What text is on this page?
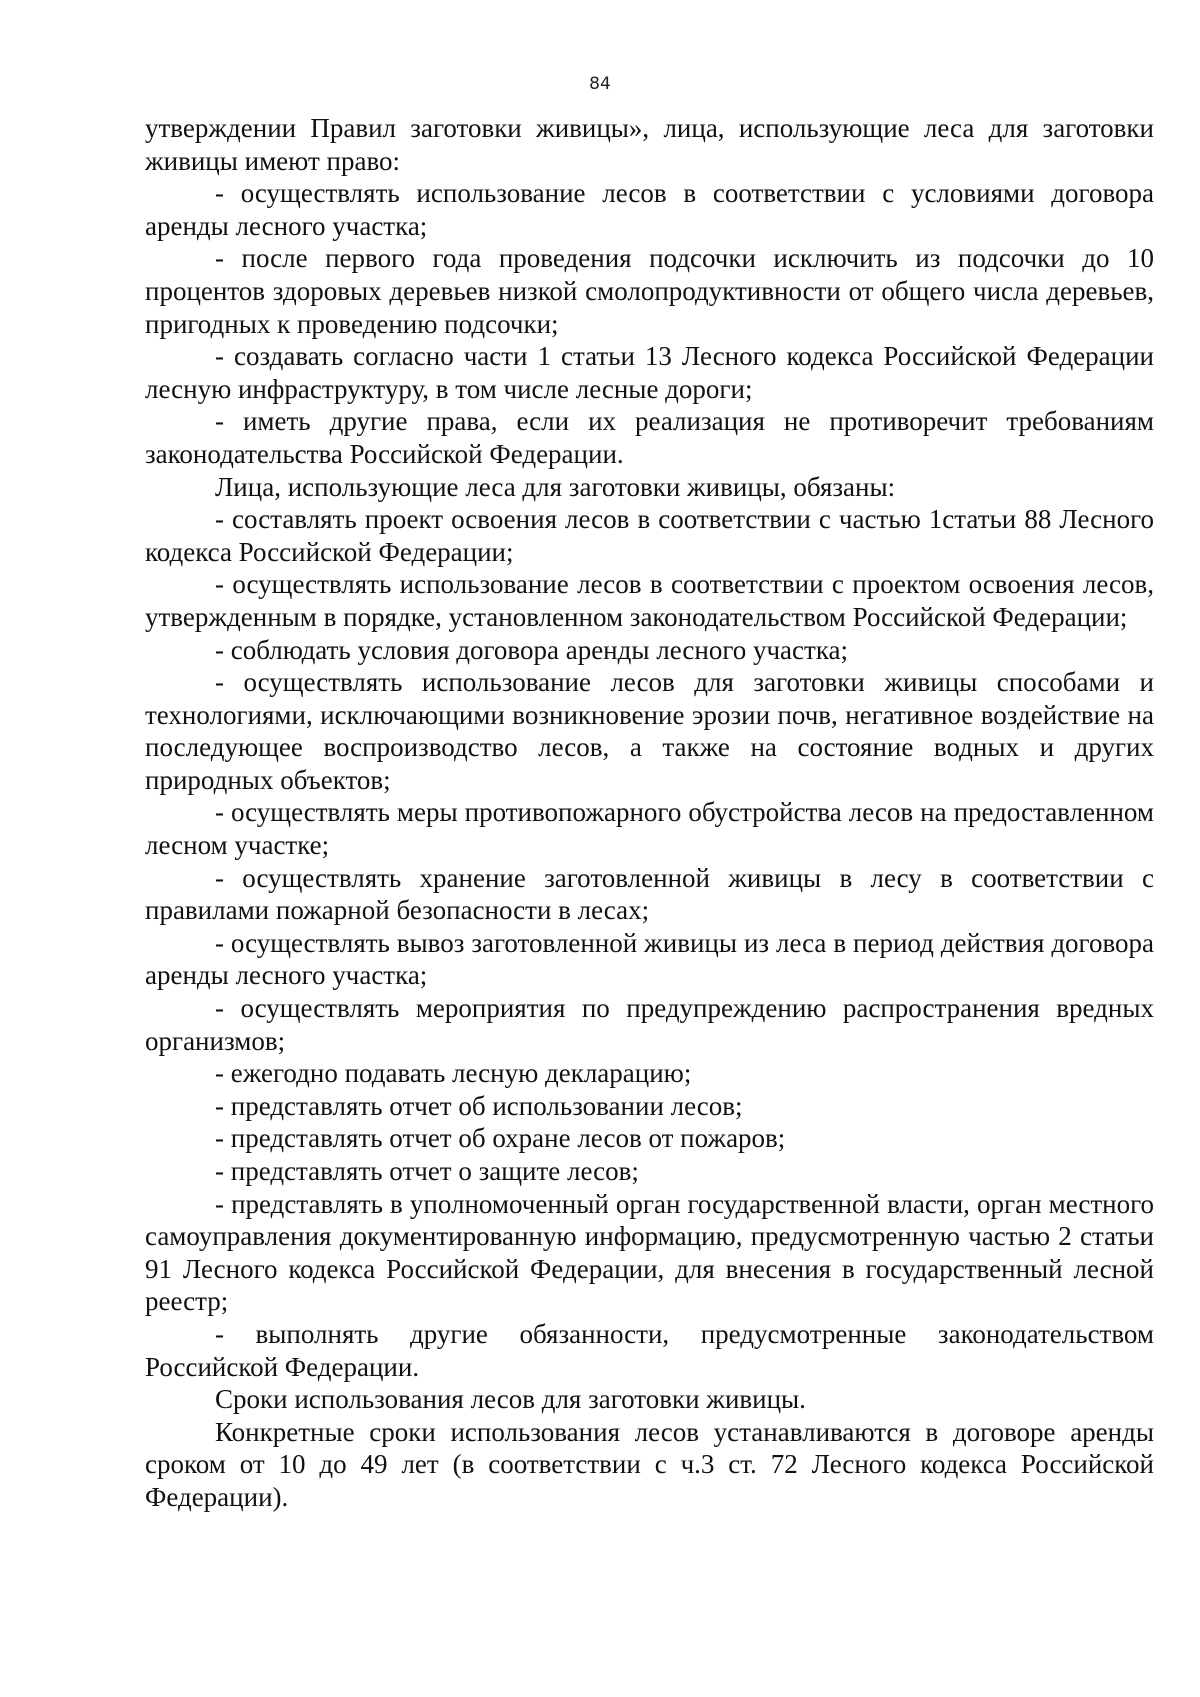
84

утверждении Правил заготовки живицы», лица, использующие леса для заготовки живицы имеют право:

- осуществлять использование лесов в соответствии с условиями договора аренды лесного участка;

- после первого года проведения подсочки исключить из подсочки до 10 процентов здоровых деревьев низкой смолопродуктивности от общего числа деревьев, пригодных к проведению подсочки;

- создавать согласно части 1 статьи 13 Лесного кодекса Российской Федерации лесную инфраструктуру, в том числе лесные дороги;

- иметь другие права, если их реализация не противоречит требованиям законодательства Российской Федерации.

Лица, использующие леса для заготовки живицы, обязаны:

- составлять проект освоения лесов в соответствии с частью 1статьи 88 Лесного кодекса Российской Федерации;

- осуществлять использование лесов в соответствии с проектом освоения лесов, утвержденным в порядке, установленном законодательством Российской Федерации;

- соблюдать условия договора аренды лесного участка;

- осуществлять использование лесов для заготовки живицы способами и технологиями, исключающими возникновение эрозии почв, негативное воздействие на последующее воспроизводство лесов, а также на состояние водных и других природных объектов;

- осуществлять меры противопожарного обустройства лесов на предоставленном лесном участке;

- осуществлять хранение заготовленной живицы в лесу в соответствии с правилами пожарной безопасности в лесах;

- осуществлять вывоз заготовленной живицы из леса в период действия договора аренды лесного участка;

- осуществлять мероприятия по предупреждению распространения вредных организмов;

- ежегодно подавать лесную декларацию;

- представлять отчет об использовании лесов;

- представлять отчет об охране лесов от пожаров;

- представлять отчет о защите лесов;

- представлять в уполномоченный орган государственной власти, орган местного самоуправления документированную информацию, предусмотренную частью 2 статьи 91 Лесного кодекса Российской Федерации, для внесения в государственный лесной реестр;

- выполнять другие обязанности, предусмотренные законодательством Российской Федерации.

Сроки использования лесов для заготовки живицы.

Конкретные сроки использования лесов устанавливаются в договоре аренды сроком от 10 до 49 лет (в соответствии с ч.3 ст. 72 Лесного кодекса Российской Федерации).
